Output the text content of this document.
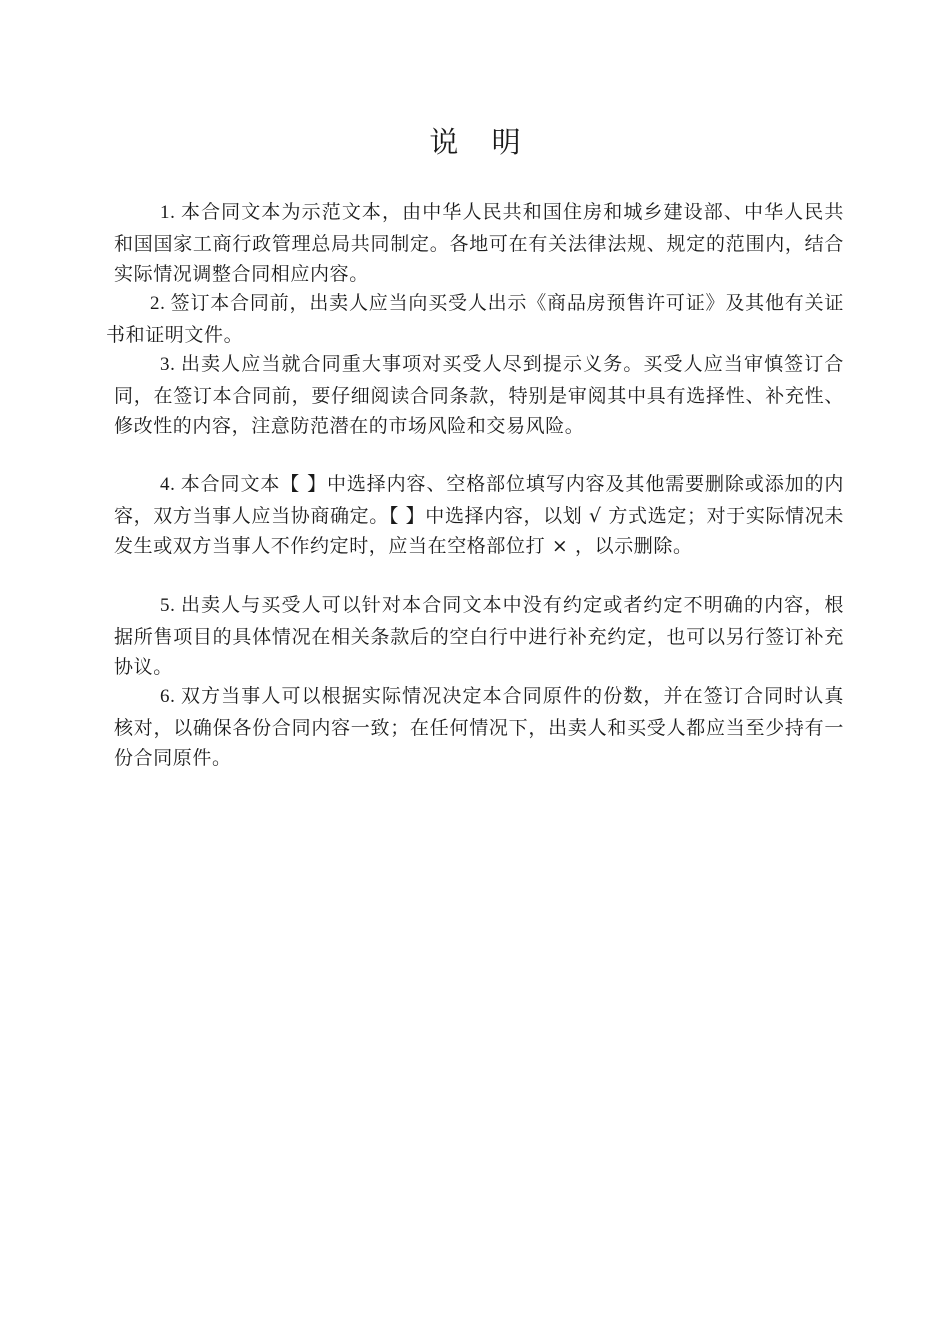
说 明
1. 本合同文本为示范文本，由中华人民共和国住房和城乡建设部、中华人民共和国国家工商行政管理总局共同制定。各地可在有关法律法规、规定的范围内，结合实际情况调整合同相应内容。
2. 签订本合同前，出卖人应当向买受人出示《商品房预售许可证》及其他有关证书和证明文件。
3. 出卖人应当就合同重大事项对买受人尽到提示义务。买受人应当审慎签订合同，在签订本合同前，要仔细阅读合同条款，特别是审阅其中具有选择性、补充性、修改性的内容，注意防范潜在的市场风险和交易风险。
4. 本合同文本【 】中选择内容、空格部位填写内容及其他需要删除或添加的内容，双方当事人应当协商确定。【 】中选择内容，以划 √ 方式选定；对于实际情况未发生或双方当事人不作约定时，应当在空格部位打 × ，以示删除。
5. 出卖人与买受人可以针对本合同文本中没有约定或者约定不明确的内容，根据所售项目的具体情况在相关条款后的空白行中进行补充约定，也可以另行签订补充协议。
6. 双方当事人可以根据实际情况决定本合同原件的份数，并在签订合同时认真核对，以确保各份合同内容一致；在任何情况下，出卖人和买受人都应当至少持有一份合同原件。
